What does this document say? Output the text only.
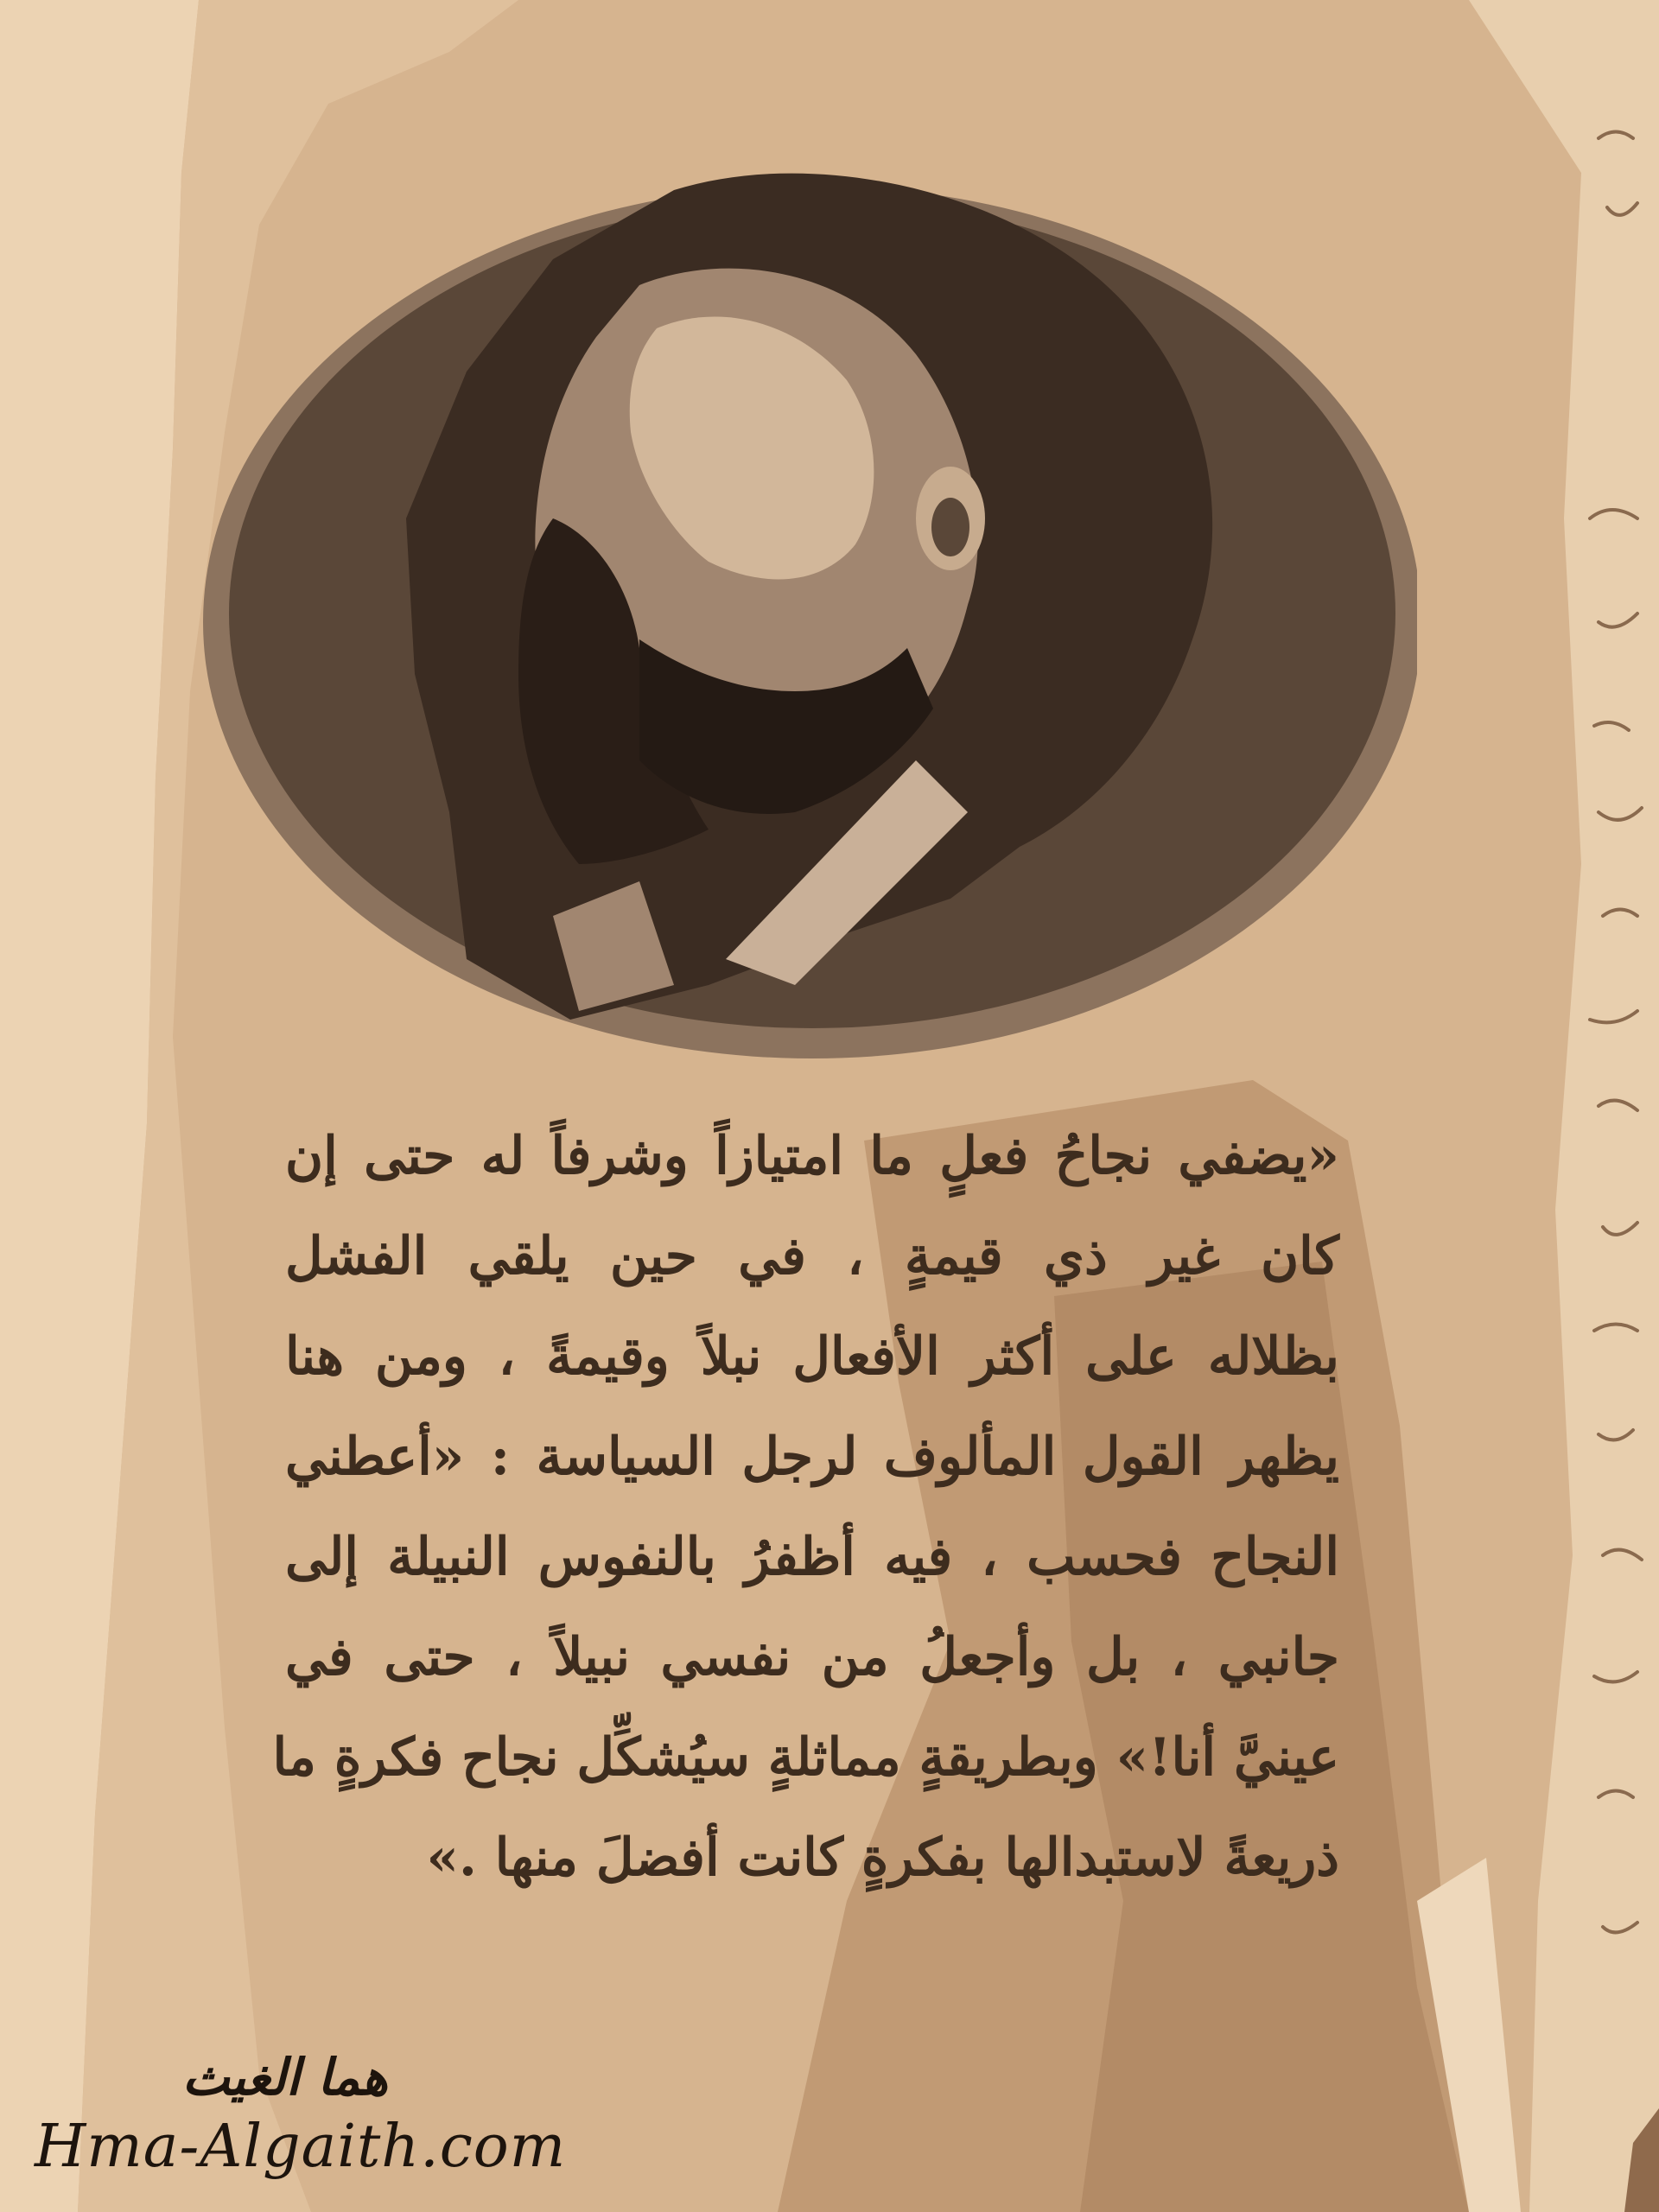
«يضفي نجاحُ فعلٍ ما امتيازاً وشرفاً له حتى إن
كان غير ذي قيمةٍ ، في حين يلقي الفشل
بظلاله على أكثر الأفعال نبلاً وقيمةً ، ومن هنا
يظهر القول المألوف لرجل السياسة : «أعطني
النجاح فحسب ، فيه أظفرُ بالنفوس النبيلة إلى
جانبي ، بل وأجعلُ من نفسي نبيلاً ، حتى في
عينيَّ أنا!» وبطريقةٍ مماثلةٍ سيُشكِّل نجاح فكرةٍ ما
ذريعةً لاستبدالها بفكرةٍ كانت أفضلَ منها .»
هما الغيث
Hma-Algaith.com
